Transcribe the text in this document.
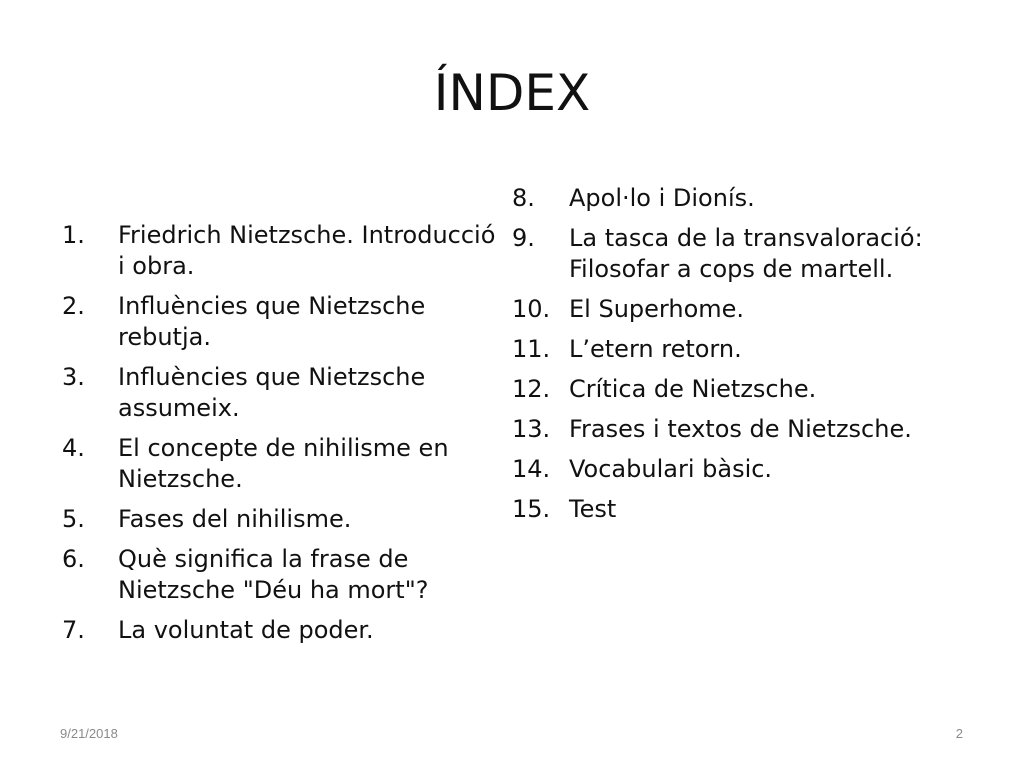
ÍNDEX
1.	Friedrich Nietzsche. Introducció i obra.
2.	Influències que Nietzsche rebutja.
3.	Influències que Nietzsche assumeix.
4.	El concepte de nihilisme en Nietzsche.
5.	Fases del nihilisme.
6.	Què significa la frase de Nietzsche "Déu ha mort"?
7.	La voluntat de poder.
8.	Apol·lo i Dionís.
9.	La tasca de la transvaloració: Filosofar a cops de martell.
10. El Superhome.
11. L’etern retorn.
12. Crítica de Nietzsche.
13. Frases i textos de Nietzsche.
14. Vocabulari bàsic.
15. Test
9/21/2018	2
